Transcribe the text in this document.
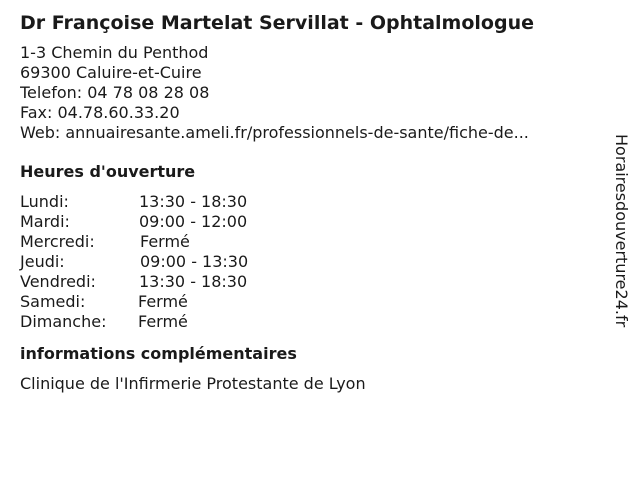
Dr Françoise Martelat Servillat - Ophtalmologue
1-3 Chemin du Penthod
69300 Caluire-et-Cuire
Telefon: 04 78 08 28 08
Fax: 04.78.60.33.20
Web: annuairesante.ameli.fr/professionnels-de-sante/fiche-de...
Heures d'ouverture
Lundi:	13:30 - 18:30
Mardi:	09:00 - 12:00
Mercredi:	Fermé
Jeudi:	09:00 - 13:30
Vendredi:	13:30 - 18:30
Samedi:	Fermé
Dimanche:	Fermé
informations complémentaires
Clinique de l'Infirmerie Protestante de Lyon
Horairesdouverture24.fr
